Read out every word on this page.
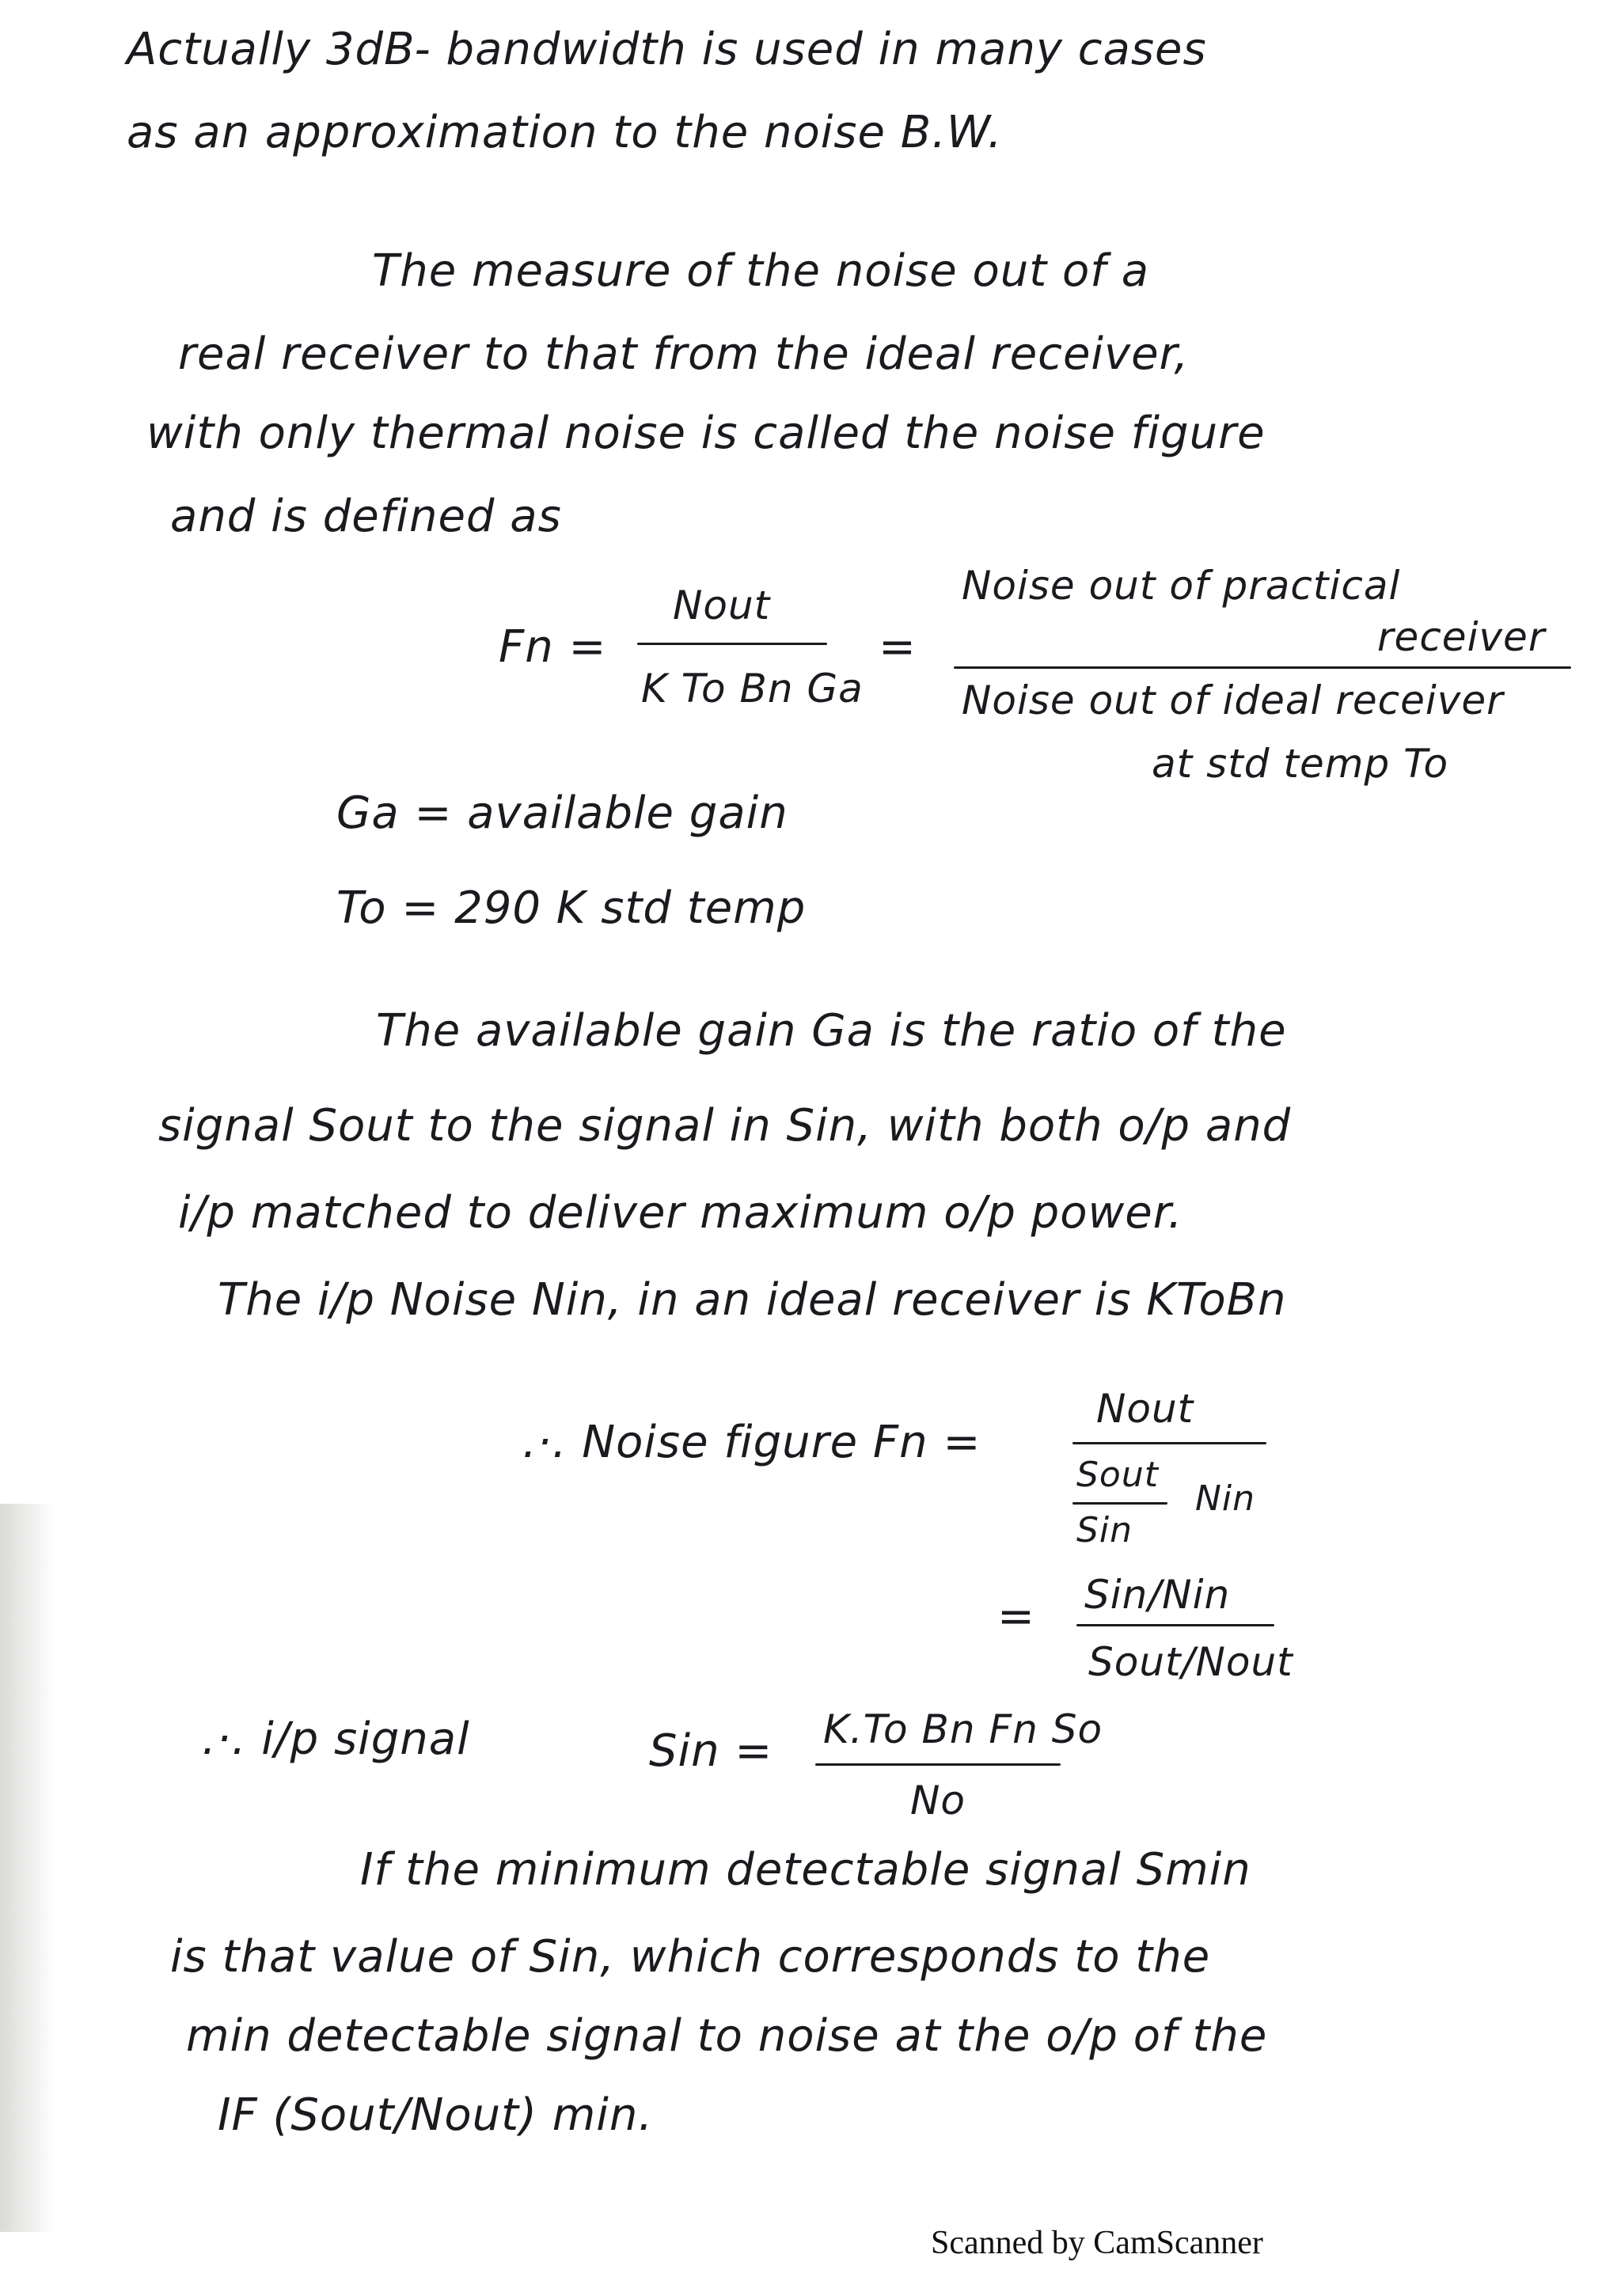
Actually 3dB- bandwidth is used in many cases
as an approximation to the noise B.W.
The measure of the noise out of a
real receiver to that from the ideal receiver,
with only thermal noise is called the noise figure
and is defined as
Fn =
Nout
K To Bn Ga
=
Noise out of practical
receiver
Noise out of ideal receiver
at std temp To
Ga = available gain
To = 290 K std temp
The available gain Ga is the ratio of the
signal Sout to the signal in Sin, with both o/p and
i/p matched to deliver maximum o/p power.
The i/p Noise Nin, in an ideal receiver is KToBn
.·. Noise figure Fn =
Nout
Sout
Sin
Nin
= Sin/Nin
Sout/Nout
.·. i/p signal	Sin = K.To Bn Fn So
No
If the minimum detectable signal Smin
is that value of Sin, which corresponds to the
min detectable signal to noise at the o/p of the
IF (Sout/Nout) min.
Scanned by CamScanner
